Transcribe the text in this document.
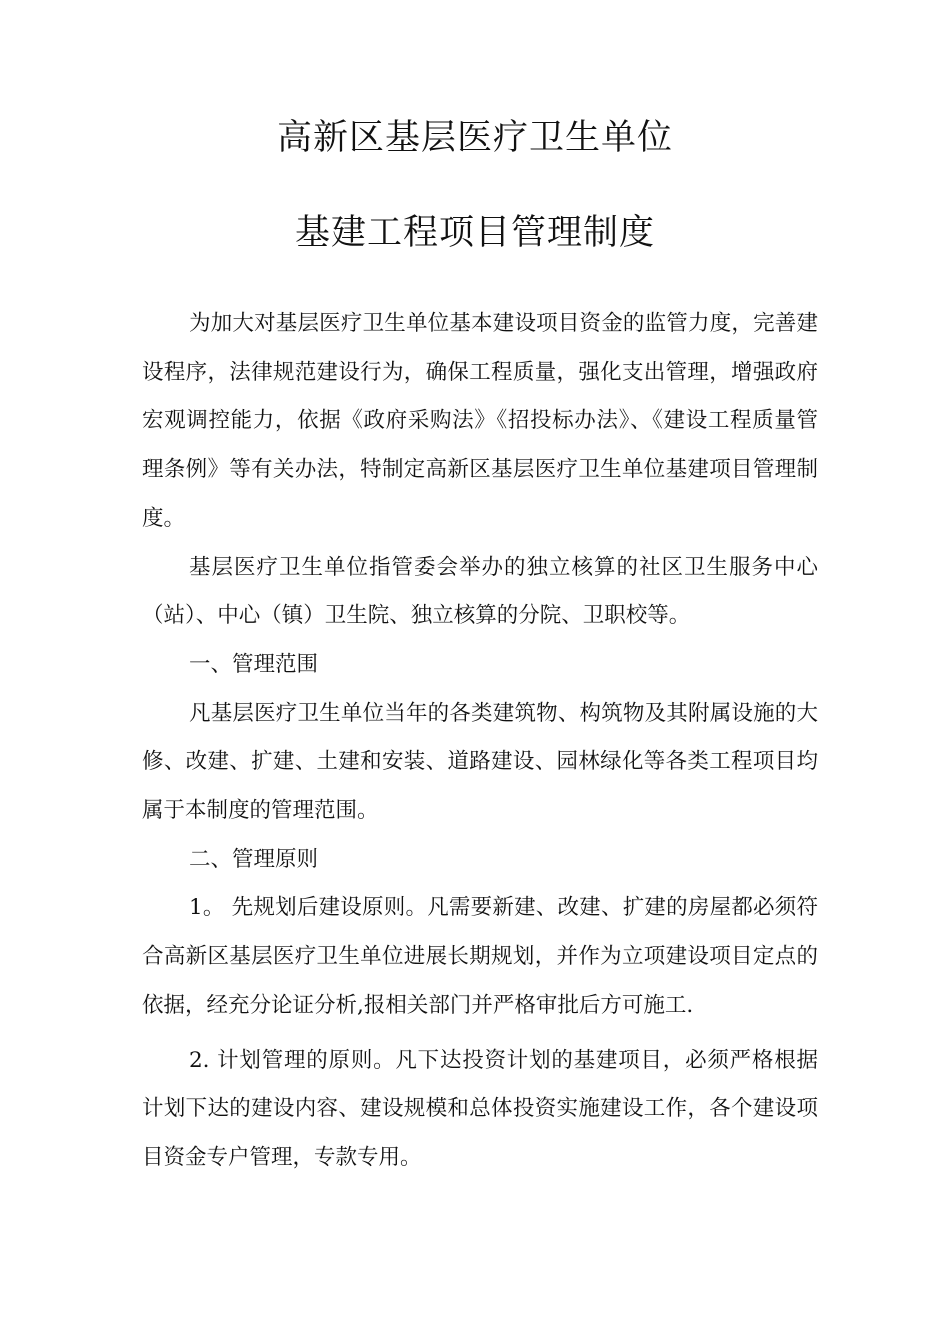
高新区基层医疗卫生单位
基建工程项目管理制度

为加大对基层医疗卫生单位基本建设项目资金的监管力度，完善建设程序，法律规范建设行为，确保工程质量，强化支出管理，增强政府宏观调控能力，依据《政府采购法》《招投标办法》、《建设工程质量管理条例》等有关办法，特制定高新区基层医疗卫生单位基建项目管理制度。

基层医疗卫生单位指管委会举办的独立核算的社区卫生服务中心（站）、中心（镇）卫生院、独立核算的分院、卫职校等。

一、管理范围

凡基层医疗卫生单位当年的各类建筑物、构筑物及其附属设施的大修、改建、扩建、土建和安装、道路建设、园林绿化等各类工程项目均属于本制度的管理范围。

二、管理原则

1。 先规划后建设原则。凡需要新建、改建、扩建的房屋都必须符合高新区基层医疗卫生单位进展长期规划，并作为立项建设项目定点的依据，经充分论证分析,报相关部门并严格审批后方可施工.

2. 计划管理的原则。凡下达投资计划的基建项目，必须严格根据计划下达的建设内容、建设规模和总体投资实施建设工作，各个建设项目资金专户管理，专款专用。
